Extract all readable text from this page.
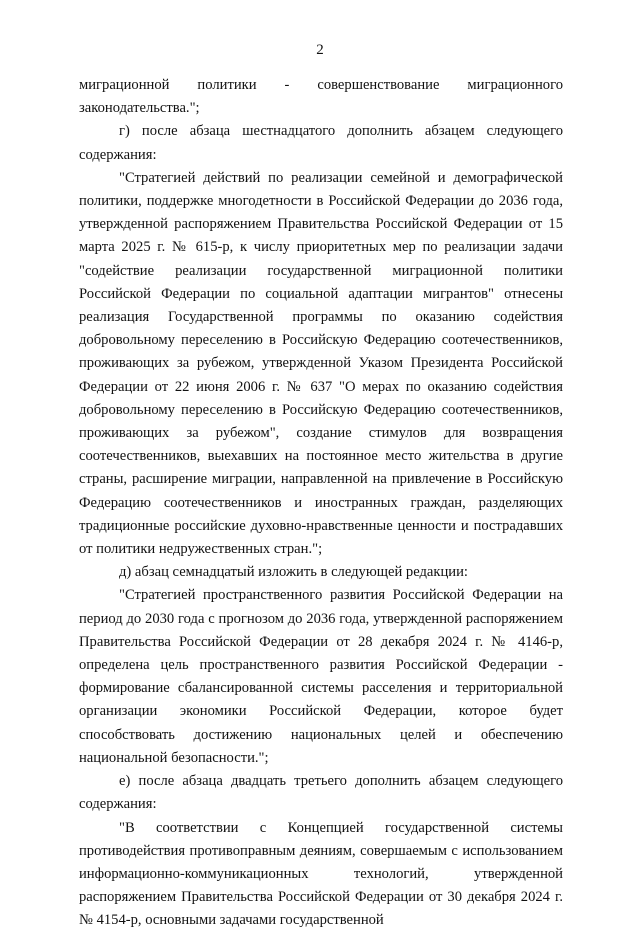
2

миграционной политики - совершенствование миграционного законодательства.";

г) после абзаца шестнадцатого дополнить абзацем следующего содержания:

"Стратегией действий по реализации семейной и демографической политики, поддержке многодетности в Российской Федерации до 2036 года, утвержденной распоряжением Правительства Российской Федерации от 15 марта 2025 г. № 615-р, к числу приоритетных мер по реализации задачи "содействие реализации государственной миграционной политики Российской Федерации по социальной адаптации мигрантов" отнесены реализация Государственной программы по оказанию содействия добровольному переселению в Российскую Федерацию соотечественников, проживающих за рубежом, утвержденной Указом Президента Российской Федерации от 22 июня 2006 г. № 637 "О мерах по оказанию содействия добровольному переселению в Российскую Федерацию соотечественников, проживающих за рубежом", создание стимулов для возвращения соотечественников, выехавших на постоянное место жительства в другие страны, расширение миграции, направленной на привлечение в Российскую Федерацию соотечественников и иностранных граждан, разделяющих традиционные российские духовно-нравственные ценности и пострадавших от политики недружественных стран.";

д) абзац семнадцатый изложить в следующей редакции:

"Стратегией пространственного развития Российской Федерации на период до 2030 года с прогнозом до 2036 года, утвержденной распоряжением Правительства Российской Федерации от 28 декабря 2024 г. № 4146-р, определена цель пространственного развития Российской Федерации - формирование сбалансированной системы расселения и территориальной организации экономики Российской Федерации, которое будет способствовать достижению национальных целей и обеспечению национальной безопасности.";

е) после абзаца двадцать третьего дополнить абзацем следующего содержания:

"В соответствии с Концепцией государственной системы противодействия противоправным деяниям, совершаемым с использованием информационно-коммуникационных технологий, утвержденной распоряжением Правительства Российской Федерации от 30 декабря 2024 г. № 4154-р, основными задачами государственной
